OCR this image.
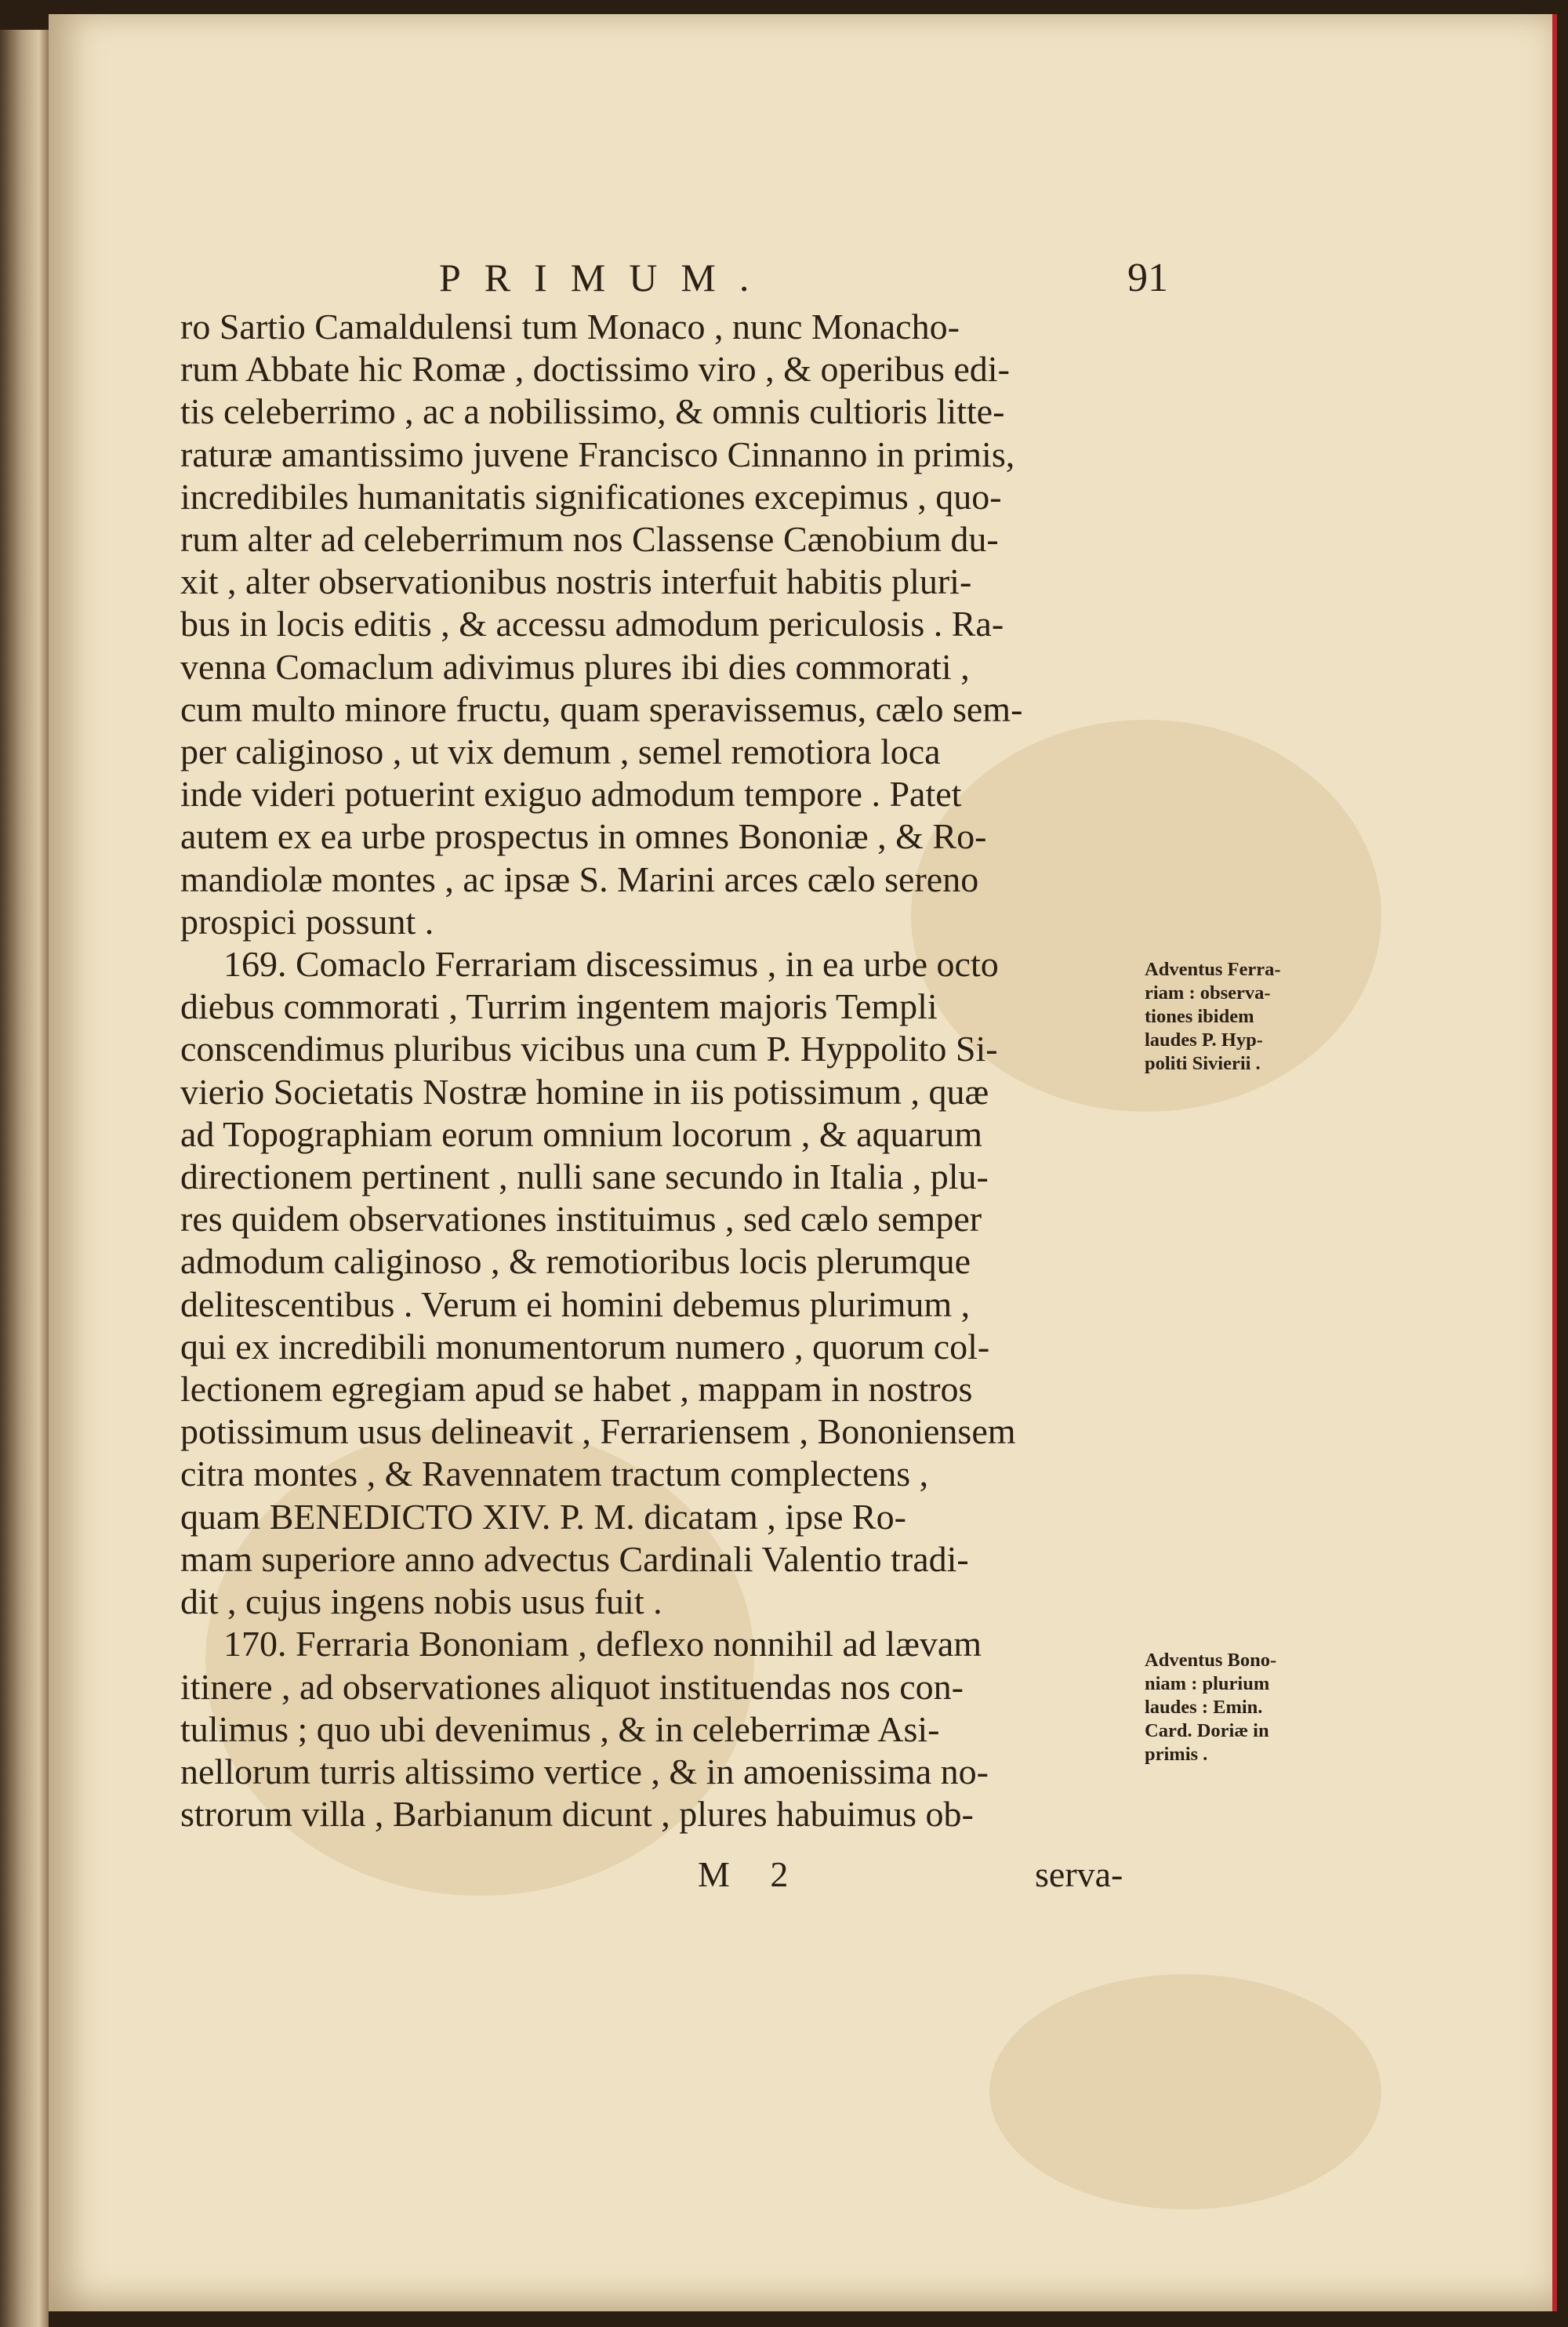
PRIMUM.	91

ro Sartio Camaldulensi tum Monaco , nunc Monacho-

rum Abbate hic Romæ , doctissimo viro , & operibus edi-

tis celeberrimo , ac a nobilissimo, & omnis cultioris litte-

raturæ amantissimo juvene Francisco Cinnanno in primis,

incredibiles humanitatis significationes excepimus , quo-

rum alter ad celeberrimum nos Classense Cænobium du-

xit , alter observationibus nostris interfuit habitis pluri-

bus in locis editis , & accessu admodum periculosis . Ra-

venna Comaclum adivimus plures ibi dies commorati ,

cum multo minore fructu, quam speravissemus, cælo sem-

per caliginoso , ut vix demum , semel remotiora loca

inde videri potuerint exiguo admodum tempore . Patet

autem ex ea urbe prospectus in omnes Bononiæ , & Ro-

mandiolæ montes , ac ipsæ S. Marini arces cælo sereno

prospici possunt .

169. Comaclo Ferrariam discessimus , in ea urbe octo

diebus commorati , Turrim ingentem majoris Templi

conscendimus pluribus vicibus una cum P. Hyppolito Si-

vierio Societatis Nostræ homine in iis potissimum , quæ

ad Topographiam eorum omnium locorum , & aquarum

directionem pertinent , nulli sane secundo in Italia , plu-

res quidem observationes instituimus , sed cælo semper

admodum caliginoso , & remotioribus locis plerumque

delitescentibus . Verum ei homini debemus plurimum ,

qui ex incredibili monumentorum numero , quorum col-

lectionem egregiam apud se habet , mappam in nostros

potissimum usus delineavit , Ferrariensem , Bononiensem

citra montes , & Ravennatem tractum complectens ,

quam BENEDICTO XIV. P. M. dicatam , ipse Ro-

mam superiore anno advectus Cardinali Valentio tradi-

dit , cujus ingens nobis usus fuit .

170. Ferraria Bononiam , deflexo nonnihil ad lævam

itinere , ad observationes aliquot instituendas nos con-

tulimus ; quo ubi devenimus , & in celeberrimæ Asi-

nellorum turris altissimo vertice , & in amoenissima no-

strorum villa , Barbianum dicunt , plures habuimus ob-

Adventus Ferra-

riam : observa-

tiones ibidem

laudes P. Hyp-

politi Sivierii .

Adventus Bono-

niam : plurium

laudes : Emin.

Card. Doriæ in

primis .

M 2	serva-
